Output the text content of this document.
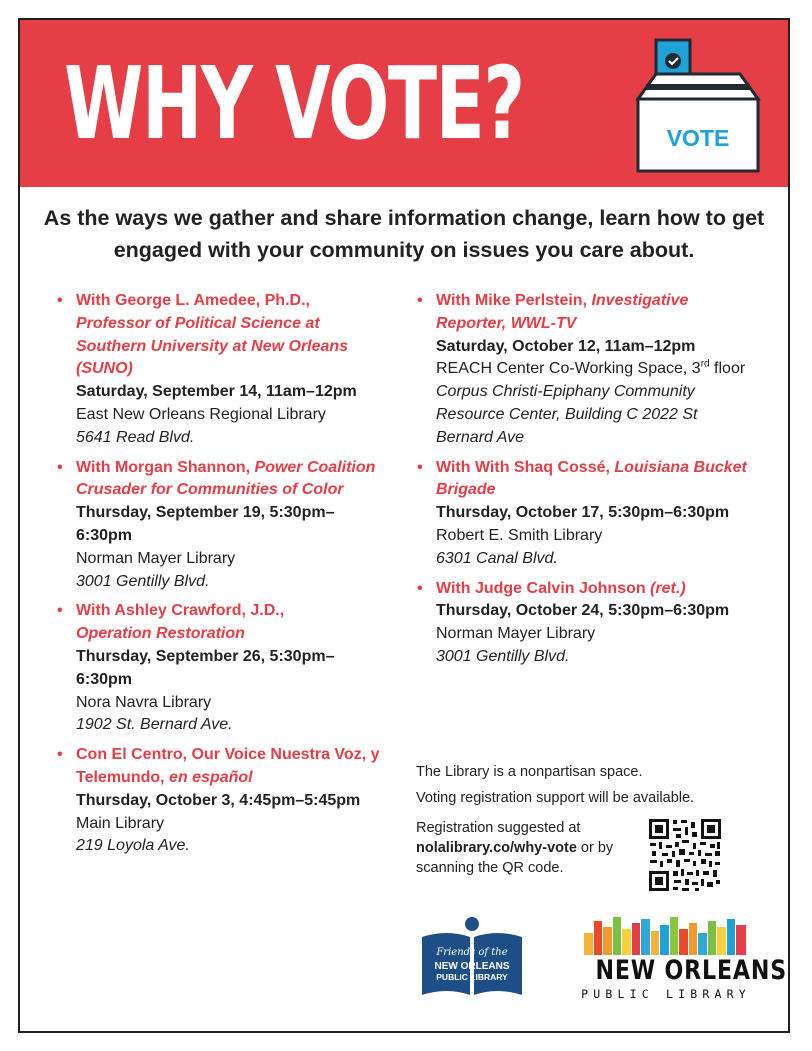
WHY VOTE?	VOTE

As the ways we gather and share information change, learn how to get engaged with your community on issues you care about.

• With George L. Amedee, Ph.D., Professor of Political Science at Southern University at New Orleans (SUNO)
Saturday, September 14, 11am–12pm
East New Orleans Regional Library
5641 Read Blvd.
• With Morgan Shannon, Power Coalition Crusader for Communities of Color
Thursday, September 19, 5:30pm–6:30pm
Norman Mayer Library
3001 Gentilly Blvd.
• With Ashley Crawford, J.D.,
Operation Restoration
Thursday, September 26, 5:30pm–6:30pm
Nora Navra Library
1902 St. Bernard Ave.
• Con El Centro, Our Voice Nuestra Voz, y Telemundo, en español
Thursday, October 3, 4:45pm–5:45pm
Main Library
219 Loyola Ave.
• With Mike Perlstein, Investigative Reporter, WWL-TV
Saturday, October 12, 11am–12pm
REACH Center Co-Working Space, 3rd floor
Corpus Christi-Epiphany Community Resource Center, Building C 2022 St Bernard Ave
• With With Shaq Cossé, Louisiana Bucket Brigade
Thursday, October 17, 5:30pm–6:30pm
Robert E. Smith Library
6301 Canal Blvd.
• With Judge Calvin Johnson (ret.)
Thursday, October 24, 5:30pm–6:30pm
Norman Mayer Library
3001 Gentilly Blvd.

The Library is a nonpartisan space.

Voting registration support will be available.

Registration suggested at
nolalibrary.co/why-vote or by scanning the QR code.

Friends of the
NEW ORLEANS
PUBLIC LIBRARY	NEW ORLEANS
PUBLIC LIBRARY
